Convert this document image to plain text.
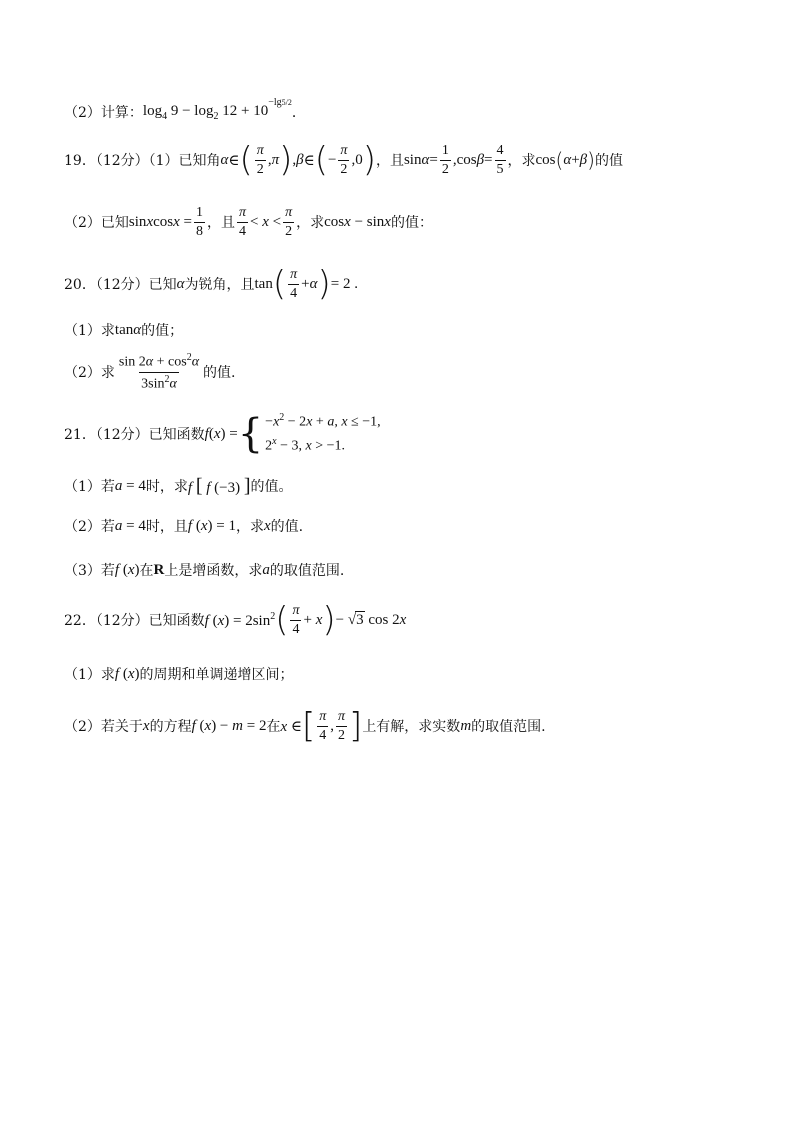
（2）计算： $\log_4 9 - \log_2 12 + 10^{-lg5/2}$
．
19．（12分）（1）已知角 α ∈ ( $\frac{\pi}{2}$ , π ) , β ∈ ( − $\frac{\pi}{2} ,0$ ) ，且 $\sin \alpha = \frac{1}{2} ,\cos$ $\beta = \frac{4}{5}$ ，求 cos ( α + β ) 的值
（2）已知 sinxcosx = $\frac{1}{8}$ ，且 $\frac{\pi}{4} < x < \frac{\pi}{2}$ ，求 cosx − sinx 的值：
20．（12分）已知 α 为锐角，且 tan ( $\frac{\pi}{4} + \alpha$ ) = 2 .
（1）求 tanα 的值；
（2）求 $\frac{\sin 2\alpha + \cos^2\alpha}{3\sin^2\alpha}$ 的值.
21．（12分）已知函数 f ( x ) = { $-x^2 - 2x + a$, x ≤ −1,
$2^x - 3$, x > −1.
（1）若 a = 4 时，求 f [ f (−3) ] 的值。
（2）若 a = 4 时，且 f (x) = 1 ，求 x 的值.
（3）若 f (x) 在 R 上是增函数，求 a 的取值范围.
22．（12分）已知函数 f $(x) = 2\sin^2$ ( $\frac{\pi}{4} + x$ ) − √3 cos 2x
（1）求 f (x) 的周期和单调递增区间；
（2）若关于 x 的方程 f (x) − m = 2 在 x ∈ [ $\frac{\pi}{4}$ , $\frac{\pi}{2}$ ] 上有解，求实数 m 的取值范围.
